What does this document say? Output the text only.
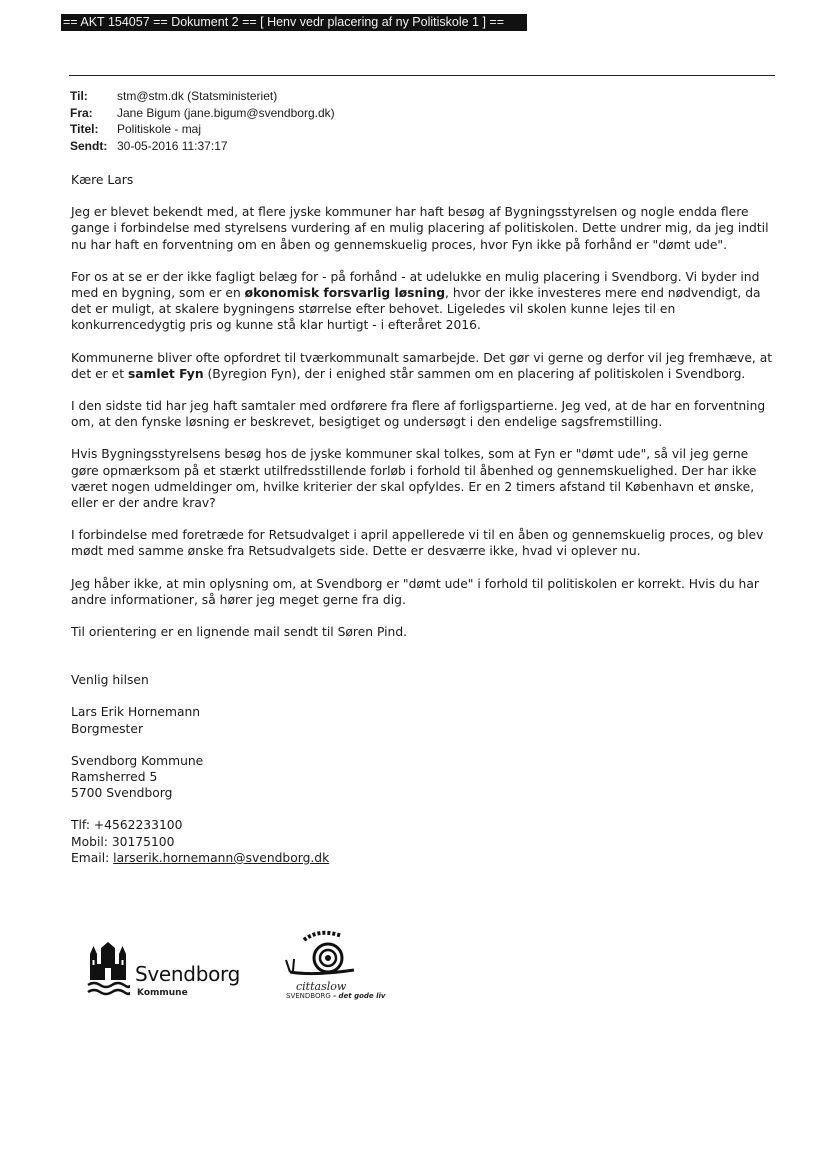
== AKT 154057 == Dokument 2 == [ Henv vedr placering af ny Politiskole 1 ] ==
Til:	stm@stm.dk (Statsministeriet)
Fra:	Jane Bigum (jane.bigum@svendborg.dk)
Titel:	Politiskole - maj
Sendt: 30-05-2016 11:37:17

Kære Lars

Jeg er blevet bekendt med, at flere jyske kommuner har haft besøg af Bygningsstyrelsen og nogle endda flere gange i forbindelse med styrelsens vurdering af en mulig placering af politiskolen. Dette undrer mig, da jeg indtil nu har haft en forventning om en åben og gennemskuelig proces, hvor Fyn ikke på forhånd er "dømt ude".

For os at se er der ikke fagligt belæg for - på forhånd - at udelukke en mulig placering i Svendborg. Vi byder ind med en bygning, som er en økonomisk forsvarlig løsning, hvor der ikke investeres mere end nødvendigt, da det er muligt, at skalere bygningens størrelse efter behovet. Ligeledes vil skolen kunne lejes til en konkurrencedygtig pris og kunne stå klar hurtigt - i efteråret 2016.

Kommunerne bliver ofte opfordret til tværkommunalt samarbejde. Det gør vi gerne og derfor vil jeg fremhæve, at det er et samlet Fyn (Byregion Fyn), der i enighed står sammen om en placering af politiskolen i Svendborg.

I den sidste tid har jeg haft samtaler med ordførere fra flere af forligspartierne. Jeg ved, at de har en forventning om, at den fynske løsning er beskrevet, besigtiget og undersøgt i den endelige sagsfremstilling.

Hvis Bygningsstyrelsens besøg hos de jyske kommuner skal tolkes, som at Fyn er "dømt ude", så vil jeg gerne gøre opmærksom på et stærkt utilfredsstillende forløb i forhold til åbenhed og gennemskuelighed. Der har ikke været nogen udmeldinger om, hvilke kriterier der skal opfyldes. Er en 2 timers afstand til København et ønske, eller er der andre krav?

I forbindelse med foretræde for Retsudvalget i april appellerede vi til en åben og gennemskuelig proces, og blev mødt med samme ønske fra Retsudvalgets side. Dette er desværre ikke, hvad vi oplever nu.

Jeg håber ikke, at min oplysning om, at Svendborg er "dømt ude" i forhold til politiskolen er korrekt. Hvis du har andre informationer, så hører jeg meget gerne fra dig.

Til orientering er en lignende mail sendt til Søren Pind.

Venlig hilsen

Lars Erik Hornemann
Borgmester

Svendborg Kommune
Ramsherred 5
5700 Svendborg

Tlf: +4562233100
Mobil: 30175100
Email: larserik.hornemann@svendborg.dk

Svendborg
Kommune	cittaslow
SVENDBORG - det gode liv
